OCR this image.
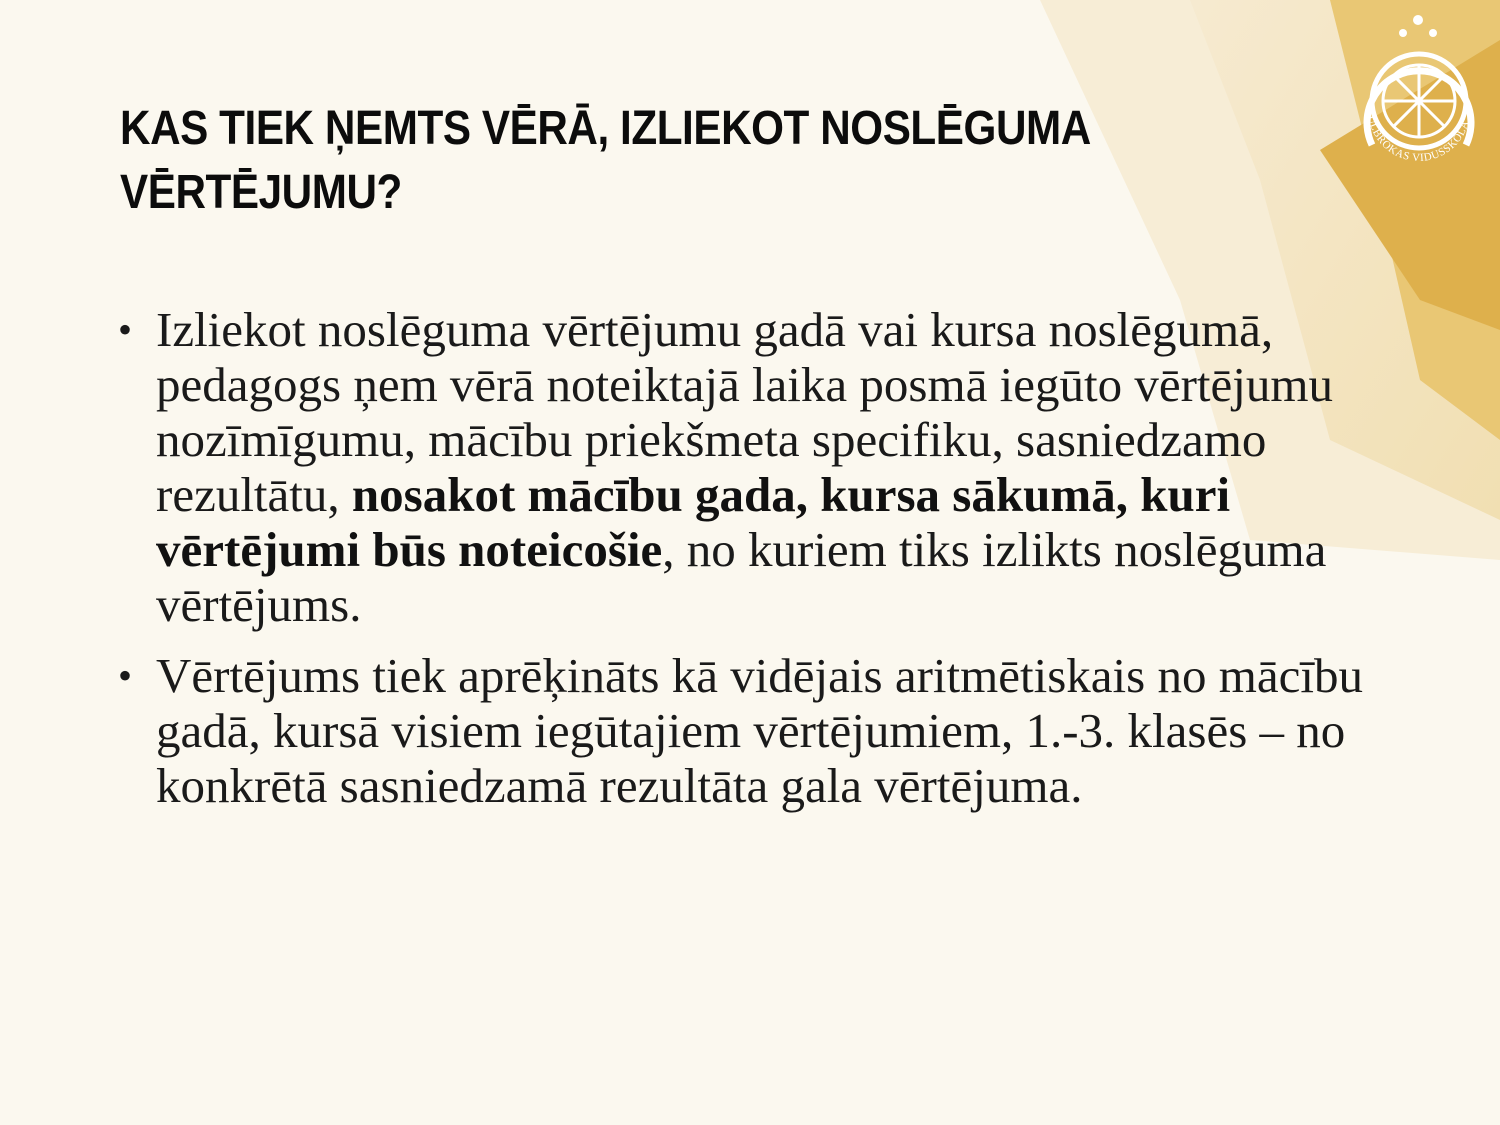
ULBROKAS VIDUSSKOLA
KAS TIEK ŅEMTS VĒRĀ, IZLIEKOT NOSLĒGUMA VĒRTĒJUMU?
• Izliekot noslēguma vērtējumu gadā vai kursa noslēgumā, pedagogs ņem vērā noteiktajā laika posmā iegūto vērtējumu nozīmīgumu, mācību priekšmeta specifiku, sasniedzamo rezultātu, nosakot mācību gada, kursa sākumā, kuri vērtējumi būs noteicošie, no kuriem tiks izlikts noslēguma vērtējums.
• Vērtējums tiek aprēķināts kā vidējais aritmētiskais no mācību gadā, kursā visiem iegūtajiem vērtējumiem, 1.-3. klasēs – no konkrētā sasniedzamā rezultāta gala vērtējuma.
